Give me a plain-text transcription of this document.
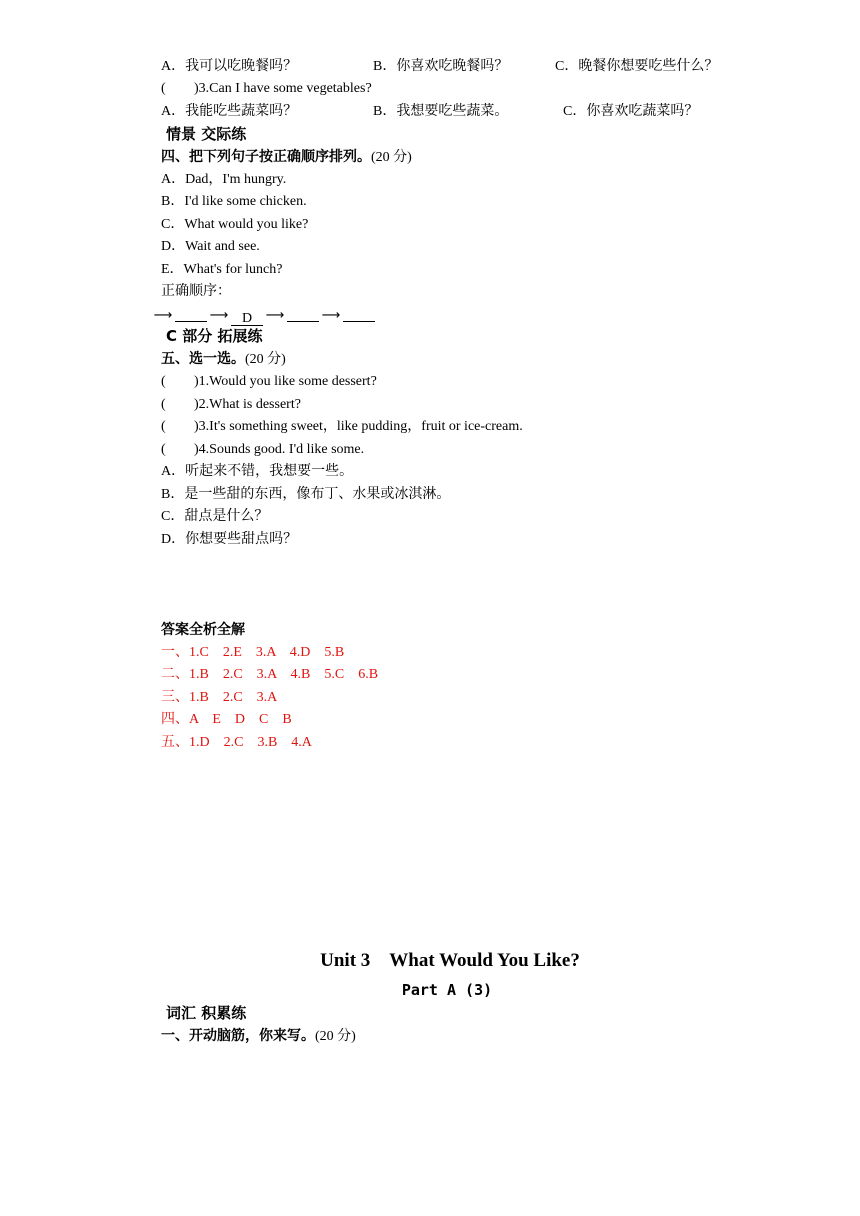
A．我可以吃晚餐吗？	B．你喜欢吃晚餐吗？	C．晚餐你想要吃些什么？
( )3.Can I have some vegetables?
A．我能吃些蔬菜吗？	B．我想要吃些蔬菜。	C．你喜欢吃蔬菜吗？
情景 交际练
四、把下列句子按正确顺序排列。(20 分)
A．Dad，I'm hungry.
B．I'd like some chicken.
C．What would you like?
D．Wait and see.
E．What's for lunch?
正确顺序：
⟶	⟶ D ⟶	⟶
C 部分 拓展练
五、选一选。(20 分)
( )1.Would you like some dessert?
( )2.What is dessert?
( )3.It's something sweet，like pudding，fruit or ice-cream.
( )4.Sounds good. I'd like some.
A．听起来不错，我想要一些。
B．是一些甜的东西，像布丁、水果或冰淇淋。
C．甜点是什么？
D．你想要些甜点吗？
答案全析全解
一、1.C　2.E　3.A　4.D　5.B
二、1.B　2.C　3.A　4.B　5.C　6.B
三、1.B　2.C　3.A
四、A　E　D　C　B
五、1.D　2.C　3.B　4.A
Unit 3　What Would You Like?
Part A (3)
词汇 积累练
一、开动脑筋，你来写。(20 分)
